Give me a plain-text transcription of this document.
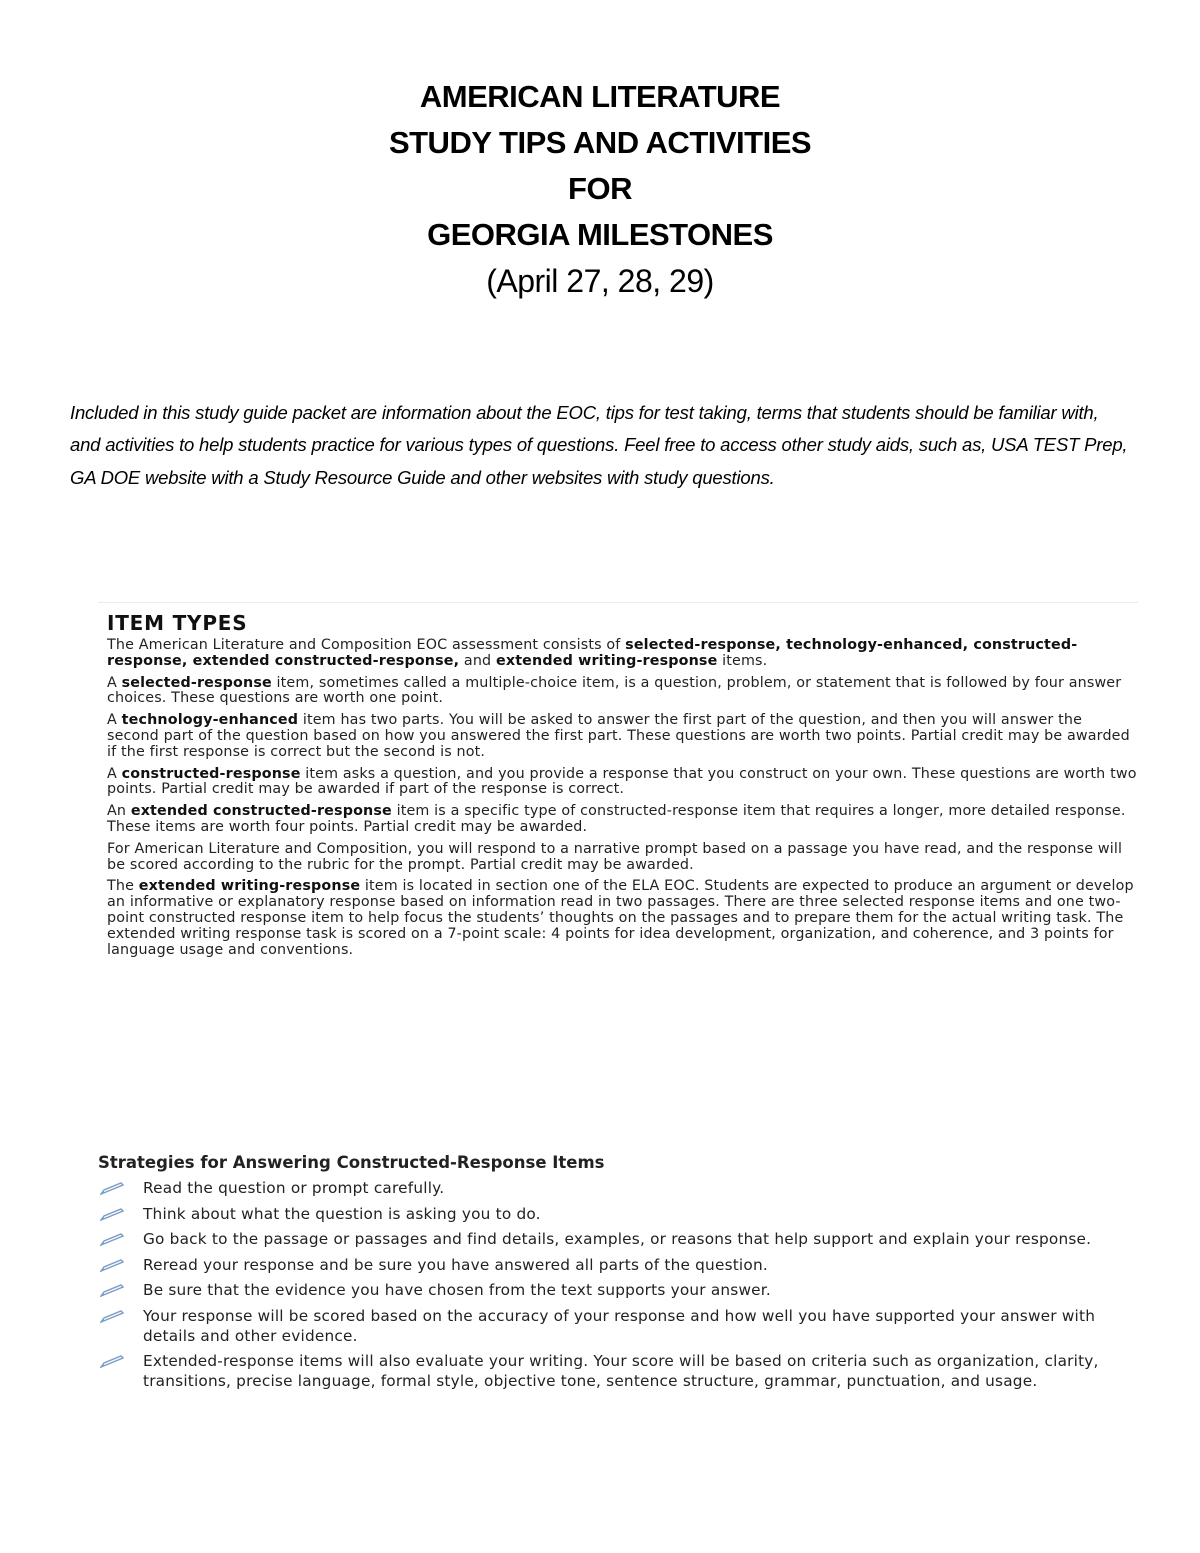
AMERICAN LITERATURE
STUDY TIPS AND ACTIVITIES
FOR
GEORGIA MILESTONES
(April 27, 28, 29)

Included in this study guide packet are information about the EOC, tips for test taking, terms that students should be familiar with, and activities to help students practice for various types of questions. Feel free to access other study aids, such as, USA TEST Prep, GA DOE website with a Study Resource Guide and other websites with study questions.

ITEM TYPES

The American Literature and Composition EOC assessment consists of selected-response, technology-enhanced, constructed-response, extended constructed-response, and extended writing-response items.

A selected-response item, sometimes called a multiple-choice item, is a question, problem, or statement that is followed by four answer choices. These questions are worth one point.

A technology-enhanced item has two parts. You will be asked to answer the first part of the question, and then you will answer the second part of the question based on how you answered the first part. These questions are worth two points. Partial credit may be awarded if the first response is correct but the second is not.

A constructed-response item asks a question, and you provide a response that you construct on your own. These questions are worth two points. Partial credit may be awarded if part of the response is correct.

An extended constructed-response item is a specific type of constructed-response item that requires a longer, more detailed response. These items are worth four points. Partial credit may be awarded.

For American Literature and Composition, you will respond to a narrative prompt based on a passage you have read, and the response will be scored according to the rubric for the prompt. Partial credit may be awarded.

The extended writing-response item is located in section one of the ELA EOC. Students are expected to produce an argument or develop an informative or explanatory response based on information read in two passages. There are three selected response items and one two-point constructed response item to help focus the students’ thoughts on the passages and to prepare them for the actual writing task. The extended writing response task is scored on a 7-point scale: 4 points for idea development, organization, and coherence, and 3 points for language usage and conventions.

Strategies for Answering Constructed-Response Items
Read the question or prompt carefully.
Think about what the question is asking you to do.
Go back to the passage or passages and find details, examples, or reasons that help support and explain your response.
Reread your response and be sure you have answered all parts of the question.
Be sure that the evidence you have chosen from the text supports your answer.
Your response will be scored based on the accuracy of your response and how well you have supported your answer with details and other evidence.
Extended-response items will also evaluate your writing. Your score will be based on criteria such as organization, clarity, transitions, precise language, formal style, objective tone, sentence structure, grammar, punctuation, and usage.
